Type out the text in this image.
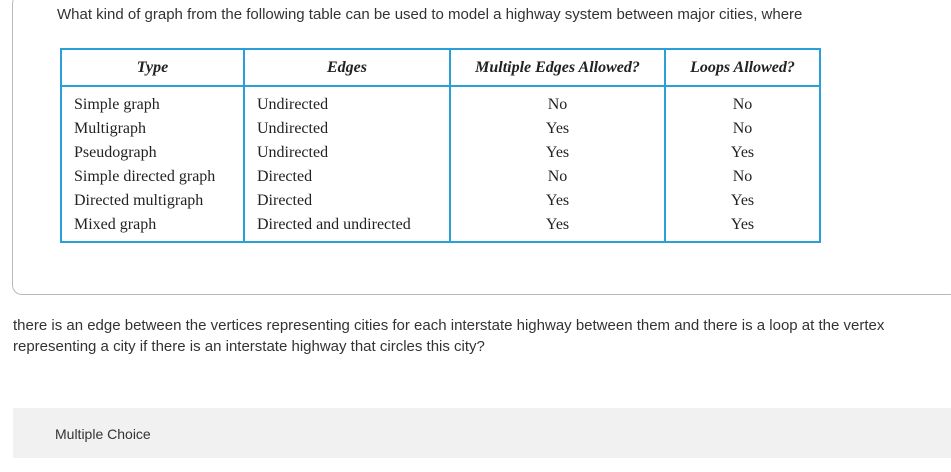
What kind of graph from the following table can be used to model a highway system between major cities, where
Type	Edges	Multiple Edges Allowed?	Loops Allowed?
Simple graph	Undirected	No	No
Multigraph	Undirected	Yes	No
Pseudograph	Undirected	Yes	Yes
Simple directed graph	Directed	No	No
Directed multigraph	Directed	Yes	Yes
Mixed graph	Directed and undirected	Yes	Yes
there is an edge between the vertices representing cities for each interstate highway between them and there is a loop at the vertex representing a city if there is an interstate highway that circles this city?
Multiple Choice
